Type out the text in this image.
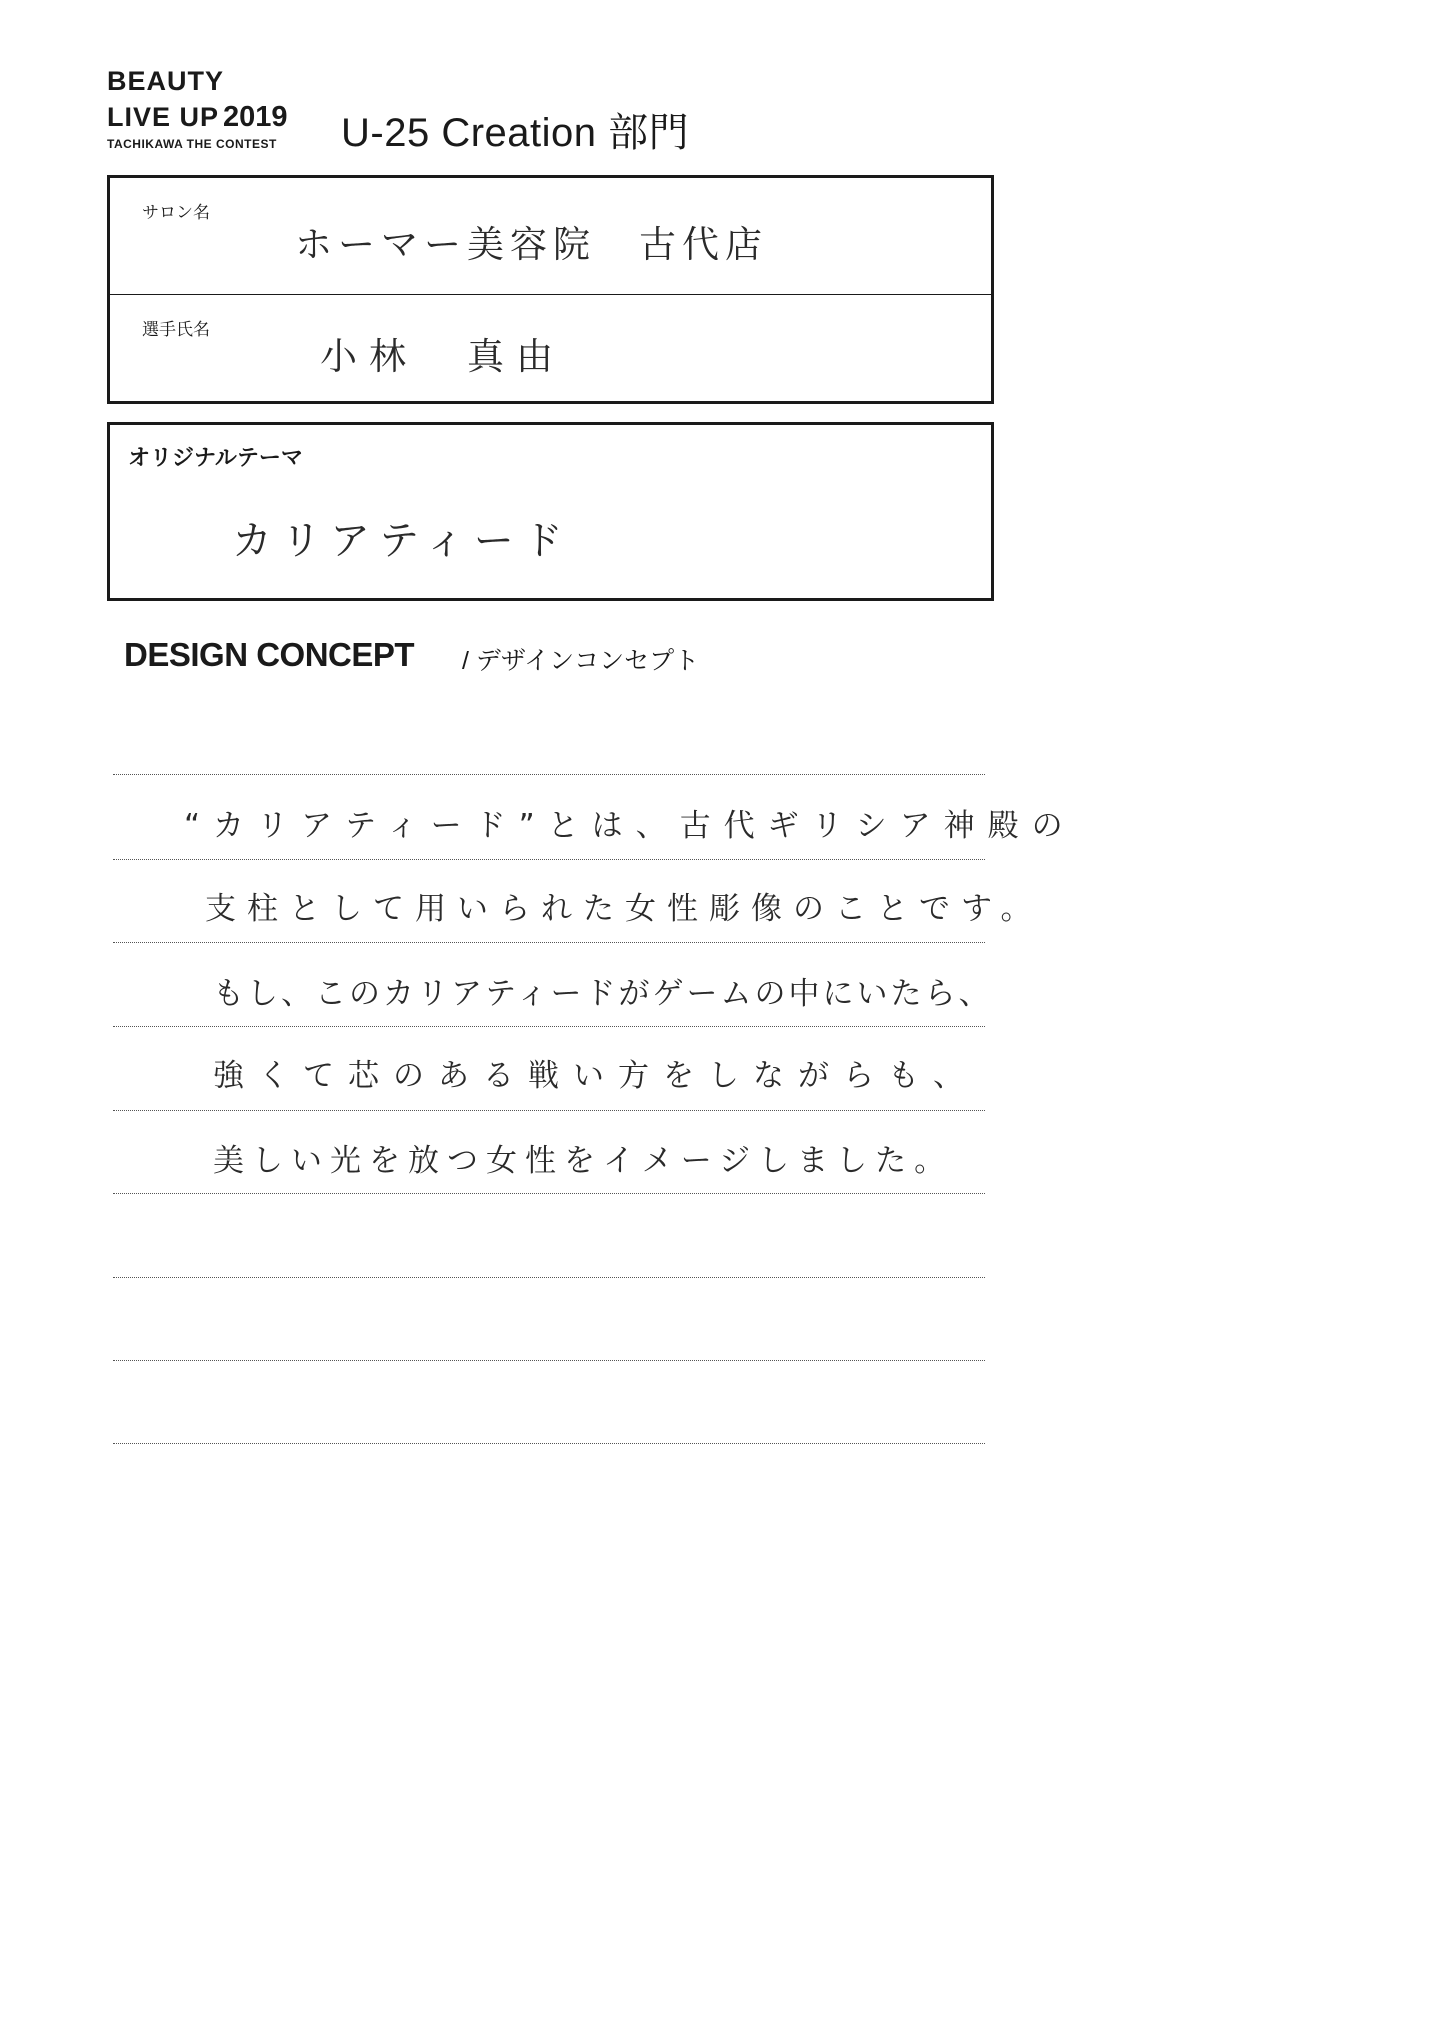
BEAUTY
LIVE UP 2019
TACHIKAWA THE CONTEST U-25 Creation 部門
サロン名
ホーマー美容院　古代店
選手氏名
小林　真由
オリジナルテーマ
カリアティード
DESIGN CONCEPT / デザインコンセプト
“カリアティード”とは、古代ギリシア神殿の
支柱として用いられた女性彫像のことです。
もし、このカリアティードがゲームの中にいたら、
強くて芯のある戦い方をしながらも、
美しい光を放つ女性をイメージしました。
